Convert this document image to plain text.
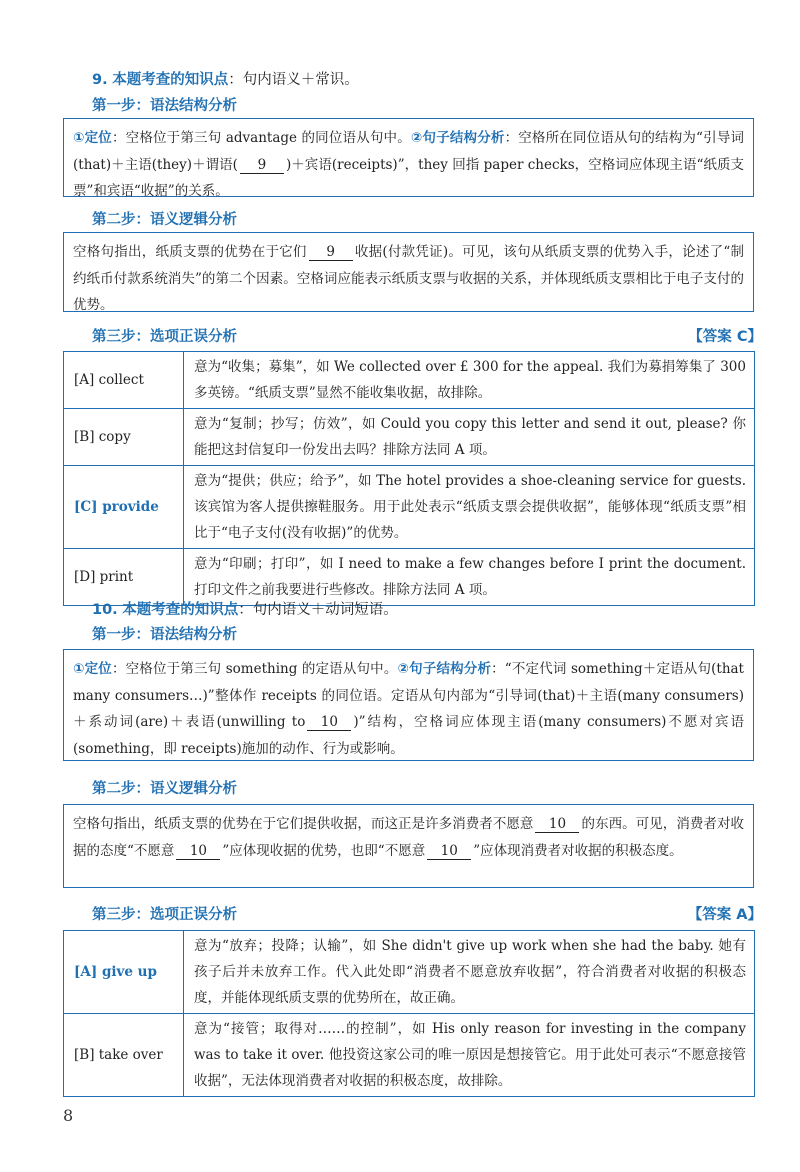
9. 本题考查的知识点：句内语义＋常识。
第一步：语法结构分析
①定位：空格位于第三句 advantage 的同位语从句中。②句子结构分析：空格所在同位语从句的结构为“引导词(that)＋主语(they)＋谓语( 9 )＋宾语(receipts)”，they 回指 paper checks，空格词应体现主语“纸质支票”和宾语“收据”的关系。
第二步：语义逻辑分析
空格句指出，纸质支票的优势在于它们 9 收据(付款凭证)。可见，该句从纸质支票的优势入手，论述了“制约纸币付款系统消失”的第二个因素。空格词应能表示纸质支票与收据的关系，并体现纸质支票相比于电子支付的优势。
第三步：选项正误分析	【答案 C】
[A] collect	意为“收集；募集”，如 We collected over £ 300 for the appeal. 我们为募捐筹集了 300 多英镑。“纸质支票”显然不能收集收据，故排除。
[B] copy	意为“复制；抄写；仿效”，如 Could you copy this letter and send it out, please? 你能把这封信复印一份发出去吗？排除方法同 A 项。
[C] provide	意为“提供；供应；给予”，如 The hotel provides a shoe-cleaning service for guests. 该宾馆为客人提供擦鞋服务。用于此处表示“纸质支票会提供收据”，能够体现“纸质支票”相比于“电子支付(没有收据)”的优势。
[D] print	意为“印刷；打印”，如 I need to make a few changes before I print the document. 打印文件之前我要进行些修改。排除方法同 A 项。
10. 本题考查的知识点：句内语义＋动词短语。
第一步：语法结构分析
①定位：空格位于第三句 something 的定语从句中。②句子结构分析：“不定代词 something＋定语从句(that many consumers…)”整体作 receipts 的同位语。定语从句内部为“引导词(that)＋主语(many consumers)＋系动词(are)＋表语(unwilling to 10 )”结构，空格词应体现主语(many consumers)不愿对宾语(something，即 receipts)施加的动作、行为或影响。
第二步：语义逻辑分析
空格句指出，纸质支票的优势在于它们提供收据，而这正是许多消费者不愿意 10 的东西。可见，消费者对收据的态度“不愿意 10 ”应体现收据的优势，也即“不愿意 10 ”应体现消费者对收据的积极态度。
第三步：选项正误分析	【答案 A】
[A] give up	意为“放弃；投降；认输”，如 She didn't give up work when she had the baby. 她有孩子后并未放弃工作。代入此处即“消费者不愿意放弃收据”，符合消费者对收据的积极态度，并能体现纸质支票的优势所在，故正确。
[B] take over	意为“接管；取得对……的控制”，如 His only reason for investing in the company was to take it over. 他投资这家公司的唯一原因是想接管它。用于此处可表示“不愿意接管收据”，无法体现消费者对收据的积极态度，故排除。
8
